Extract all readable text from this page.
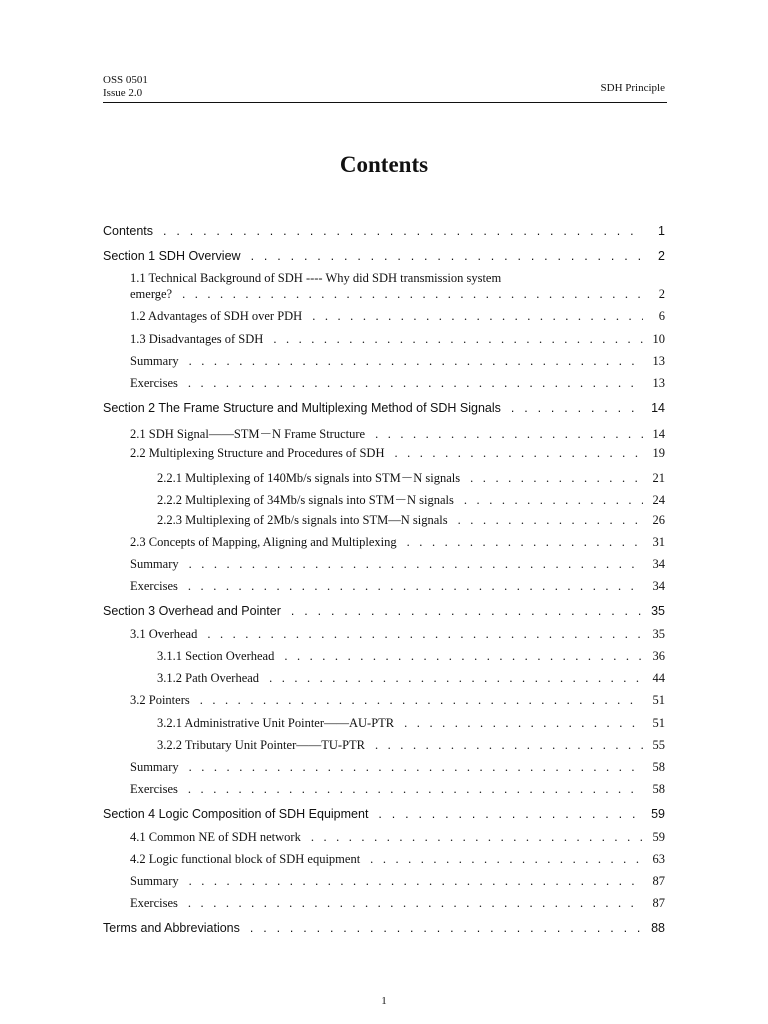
OSS 0501
Issue 2.0	SDH Principle
Contents
Contents . . .	1
Section 1 SDH Overview . . .	2
1.1 Technical Background of SDH ---- Why did SDH transmission system
emerge? . . .	2
1.2 Advantages of SDH over PDH . . .	6
1.3 Disadvantages of SDH . . .	10
Summary . . .	13
Exercises . . .	13
Section 2 The Frame Structure and Multiplexing Method of SDH Signals . . .	14
2.1 SDH Signal——STM－N Frame Structure . . .	14
2.2 Multiplexing Structure and Procedures of SDH . . .	19
2.2.1 Multiplexing of 140Mb/s signals into STM－N signals . . .	21
2.2.2 Multiplexing of 34Mb/s signals into STM－N signals . . .	24
2.2.3 Multiplexing of 2Mb/s signals into STM—N signals . . .	26
2.3 Concepts of Mapping, Aligning and Multiplexing . . .	31
Summary . . .	34
Exercises . . .	34
Section 3 Overhead and Pointer . . .	35
3.1 Overhead . . .	35
3.1.1 Section Overhead . . .	36
3.1.2 Path Overhead . . .	44
3.2 Pointers . . .	51
3.2.1 Administrative Unit Pointer——AU-PTR . . .	51
3.2.2 Tributary Unit Pointer——TU-PTR . . .	55
Summary . . .	58
Exercises . . .	58
Section 4 Logic Composition of SDH Equipment . . .	59
4.1 Common NE of SDH network . . .	59
4.2 Logic functional block of SDH equipment . . .	63
Summary . . .	87
Exercises . . .	87
Terms and Abbreviations . . .	88
1
